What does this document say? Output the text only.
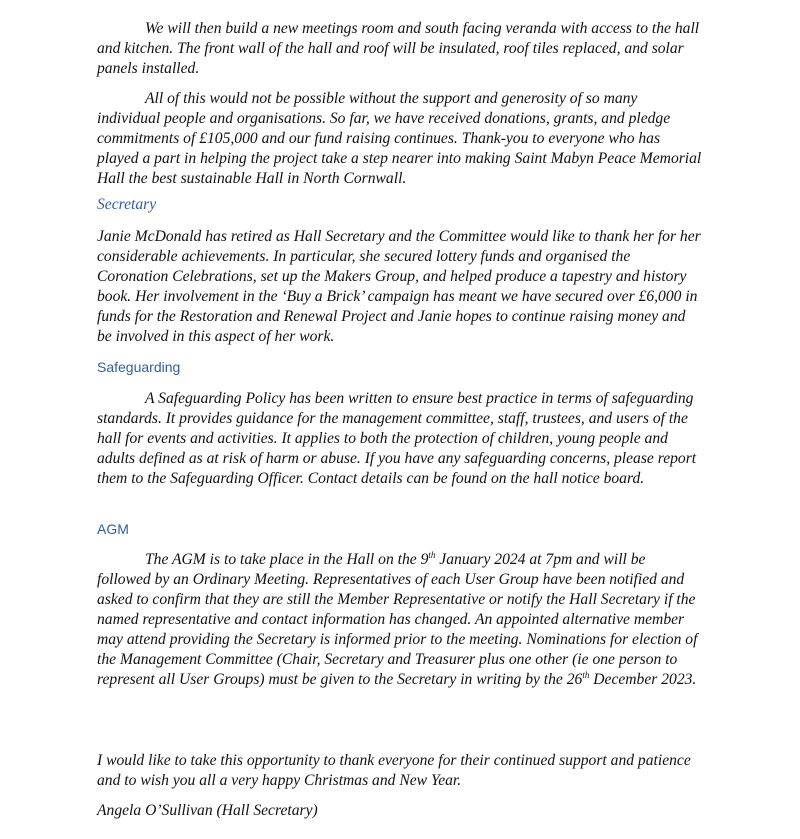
We will then build a new meetings room and south facing veranda with access to the hall and kitchen. The front wall of the hall and roof will be insulated, roof tiles replaced, and solar panels installed.

All of this would not be possible without the support and generosity of so many individual people and organisations. So far, we have received donations, grants, and pledge commitments of £105,000 and our fund raising continues. Thank-you to everyone who has played a part in helping the project take a step nearer into making Saint Mabyn Peace Memorial Hall the best sustainable Hall in North Cornwall.

Secretary

Janie McDonald has retired as Hall Secretary and the Committee would like to thank her for her considerable achievements. In particular, she secured lottery funds and organised the Coronation Celebrations, set up the Makers Group, and helped produce a tapestry and history book. Her involvement in the ‘Buy a Brick’ campaign has meant we have secured over £6,000 in funds for the Restoration and Renewal Project and Janie hopes to continue raising money and be involved in this aspect of her work.

Safeguarding

A Safeguarding Policy has been written to ensure best practice in terms of safeguarding standards. It provides guidance for the management committee, staff, trustees, and users of the hall for events and activities. It applies to both the protection of children, young people and adults defined as at risk of harm or abuse. If you have any safeguarding concerns, please report them to the Safeguarding Officer. Contact details can be found on the hall notice board.

AGM

The AGM is to take place in the Hall on the 9th January 2024 at 7pm and will be followed by an Ordinary Meeting. Representatives of each User Group have been notified and asked to confirm that they are still the Member Representative or notify the Hall Secretary if the named representative and contact information has changed. An appointed alternative member may attend providing the Secretary is informed prior to the meeting. Nominations for election of the Management Committee (Chair, Secretary and Treasurer plus one other (ie one person to represent all User Groups) must be given to the Secretary in writing by the 26th December 2023.

I would like to take this opportunity to thank everyone for their continued support and patience and to wish you all a very happy Christmas and New Year.

Angela O’Sullivan (Hall Secretary)
